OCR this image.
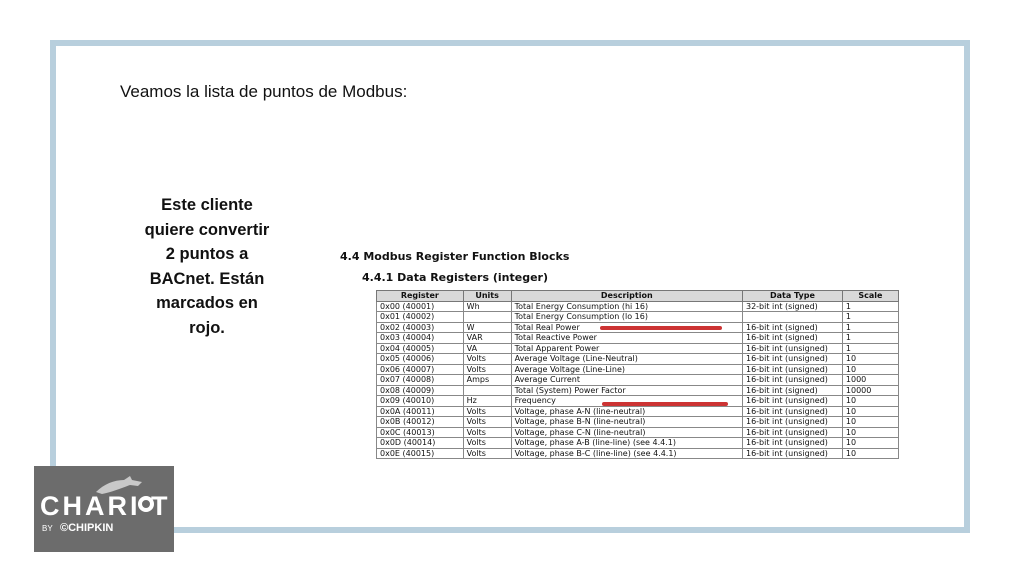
Veamos la lista de puntos de Modbus:
Este cliente quiere convertir 2 puntos a BACnet. Están marcados en rojo.
4.4 Modbus Register Function Blocks
4.4.1 Data Registers (integer)
Register	Units	Description	Data Type	Scale
0x00 (40001)	Wh	Total Energy Consumption (hi 16)	32-bit int (signed)	1
0x01 (40002)		Total Energy Consumption (lo 16)		1
0x02 (40003)	W	Total Real Power	16-bit int (signed)	1
0x03 (40004)	VAR	Total Reactive Power	16-bit int (signed)	1
0x04 (40005)	VA	Total Apparent Power	16-bit int (unsigned)	1
0x05 (40006)	Volts	Average Voltage (Line-Neutral)	16-bit int (unsigned)	10
0x06 (40007)	Volts	Average Voltage (Line-Line)	16-bit int (unsigned)	10
0x07 (40008)	Amps	Average Current	16-bit int (unsigned)	1000
0x08 (40009)		Total (System) Power Factor	16-bit int (signed)	10000
0x09 (40010)	Hz	Frequency	16-bit int (unsigned)	10
0x0A (40011)	Volts	Voltage, phase A-N (line-neutral)	16-bit int (unsigned)	10
0x0B (40012)	Volts	Voltage, phase B-N (line-neutral)	16-bit int (unsigned)	10
0x0C (40013)	Volts	Voltage, phase C-N (line-neutral)	16-bit int (unsigned)	10
0x0D (40014)	Volts	Voltage, phase A-B (line-line) (see 4.4.1)	16-bit int (unsigned)	10
0x0E (40015)	Volts	Voltage, phase B-C (line-line) (see 4.4.1)	16-bit int (unsigned)	10
CHARI T
BY ©CHIPKIN
